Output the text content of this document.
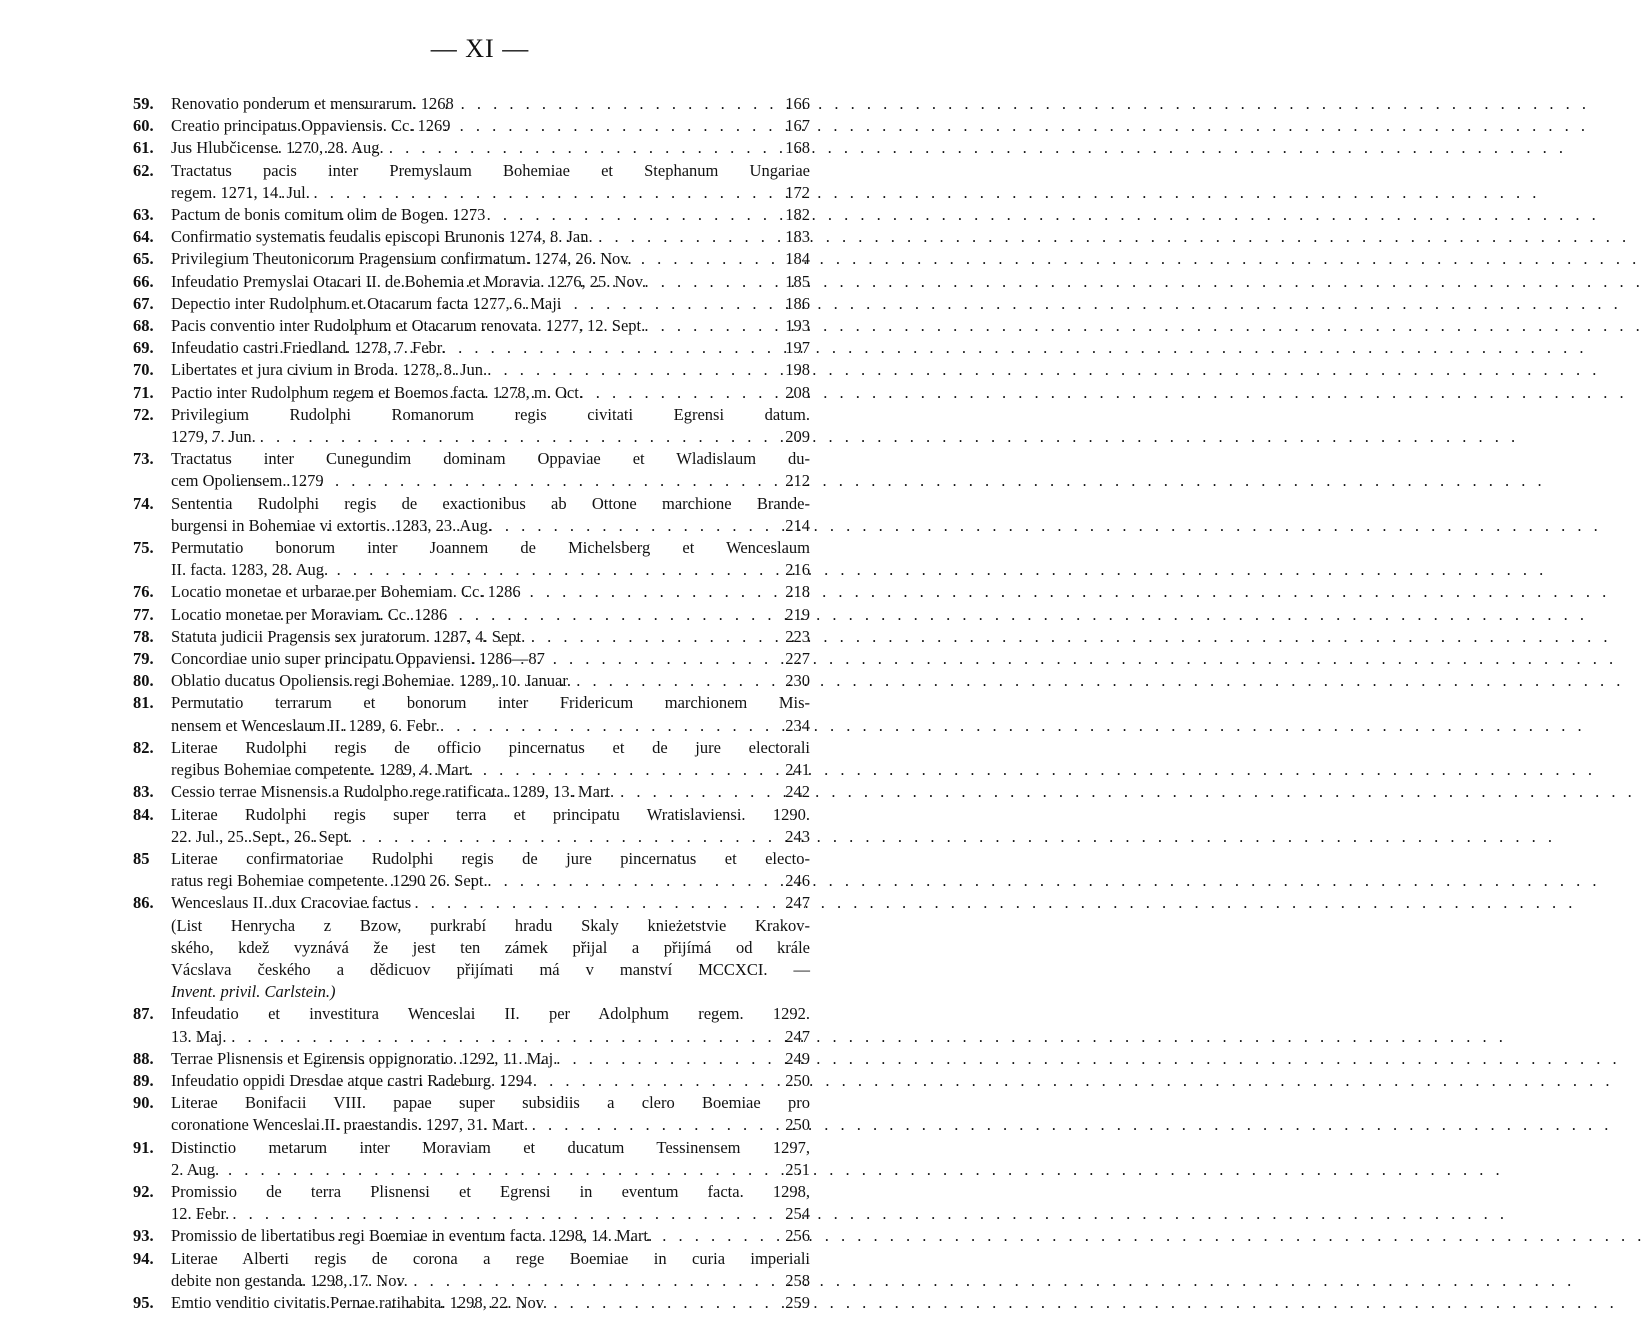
— XI —
59.	Renovatio ponderum et mensurarum. 1268 . . .	166
60.	Creatio principatus Oppaviensis. Cc. 1269 . . .	167
61.	Jus Hlubčicense. 1270, 28. Aug. . . .	168
62.	Tractatus pacis inter Premyslaum Bohemiae et Stephanum Ungariae
regem. 1271, 14. Jul. . . .	172
63.	Pactum de bonis comitum olim de Bogen. 1273 . . .	182
64.	Confirmatio systematis feudalis episcopi Brunonis 1274, 8. Jan. . . .	183
65.	Privilegium Theutonicorum Pragensium confirmatum. 1274, 26. Nov. . . .	184
66.	Infeudatio Premyslai Otacari II. de Bohemia et Moravia. 1276, 25. Nov. . . .	185
67.	Depectio inter Rudolphum et Otacarum facta 1277, 6. Maji . . .	186
68.	Pacis conventio inter Rudolphum et Otacarum renovata. 1277, 12. Sept. . . .	193
69.	Infeudatio castri Friedland. 1278, 7. Febr. . . .	197
70.	Libertates et jura civium in Broda. 1278, 8. Jun. . . .	198
71.	Pactio inter Rudolphum regem et Boemos facta. 1278, m. Oct. . . .	208
72.	Privilegium Rudolphi Romanorum regis civitati Egrensi datum.
1279, 7. Jun. . . .	209
73.	Tractatus inter Cunegundim dominam Oppaviae et Wladislaum du-
cem Opoliensem. 1279 . . .	212
74.	Sententia Rudolphi regis de exactionibus ab Ottone marchione Brande-
burgensi in Bohemiae vi extortis. 1283, 23. Aug. . . .	214
75.	Permutatio bonorum inter Joannem de Michelsberg et Wenceslaum
II. facta. 1283, 28. Aug. . . .	216
76.	Locatio monetae et urbarae per Bohemiam. Cc. 1286 . . .	218
77.	Locatio monetae per Moraviam. Cc. 1286 . . .	219
78.	Statuta judicii Pragensis sex juratorum. 1287, 4. Sept. . . .	223
79.	Concordiae unio super principatu Oppaviensi. 1286—87 . . .	227
80.	Oblatio ducatus Opoliensis regi Bohemiae. 1289, 10. Januar. . . .	230
81.	Permutatio terrarum et bonorum inter Fridericum marchionem Mis-
nensem et Wenceslaum II. 1289, 6. Febr. . . .	234
82.	Literae Rudolphi regis de officio pincernatus et de jure electorali
regibus Bohemiae competente. 1289, 4. Mart. . . .	241
83.	Cessio terrae Misnensis a Rudolpho rege ratificata. 1289, 13. Mart. . . .	242
84.	Literae Rudolphi regis super terra et principatu Wratislaviensi. 1290.
22. Jul., 25. Sept., 26. Sept. . . .	243
85	Literae confirmatoriae Rudolphi regis de jure pincernatus et electo-
ratus regi Bohemiae competente. 1290 26. Sept. . . .	246
86.	Wenceslaus II. dux Cracoviae factus . . .	247
(List Henrycha z Bzow, purkrabí hradu Skaly knieżetstvie Krakov-
ského, kdež vyznává že jest ten zámek přijal a přijímá od krále
Vácslava českého a dědicuov přijímati má v manství MCCXCI. —
Invent. privil. Carlstein.)
87.	Infeudatio et investitura Wenceslai II. per Adolphum regem. 1292.
13. Maj. . . .	247
88.	Terrae Plisnensis et Egirensis oppignoratio. 1292, 11. Maj. . . .	249
89.	Infeudatio oppidi Dresdae atque castri Radeburg. 1294 . . .	250
90.	Literae Bonifacii VIII. papae super subsidiis a clero Boemiae pro
coronatione Wenceslai II. praestandis. 1297, 31. Mart. . . .	250
91.	Distinctio metarum inter Moraviam et ducatum Tessinensem 1297,
2. Aug. . . .	251
92.	Promissio de terra Plisnensi et Egrensi in eventum facta. 1298,
12. Febr. . . .	254
93.	Promissio de libertatibus regi Boemiae in eventum facta. 1298, 14. Mart. . . .	256
94.	Literae Alberti regis de corona a rege Boemiae in curia imperiali
debite non gestanda. 1298, 17. Nov. . . .	258
95.	Emtio venditio civitatis Pernae ratihabita. 1298, 22. Nov. . . .	259
